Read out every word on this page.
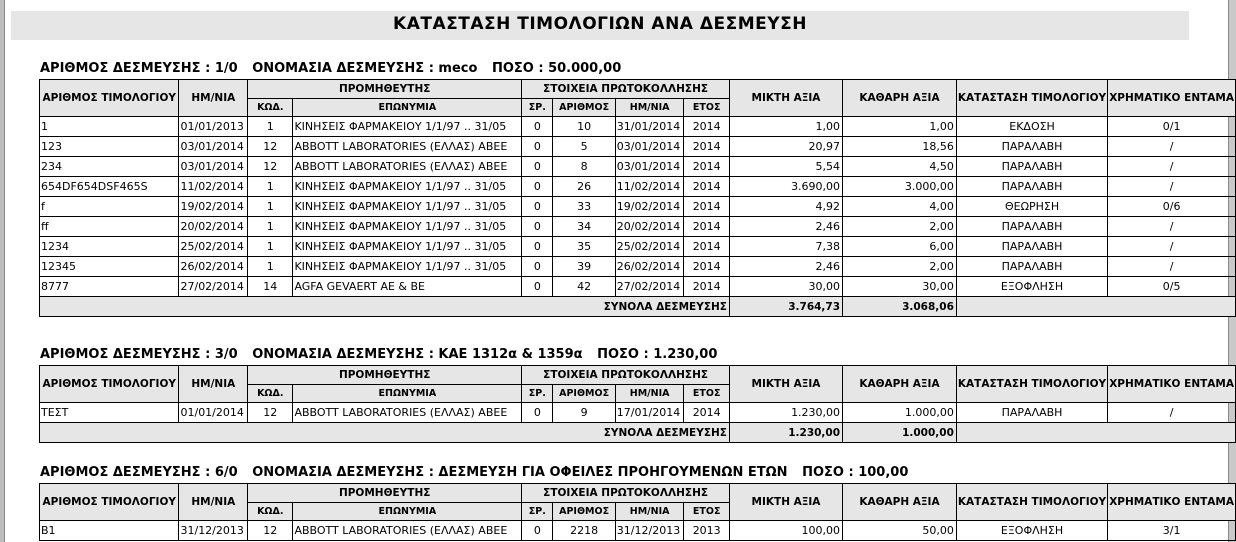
ΚΑΤΑΣΤΑΣΗ ΤΙΜΟΛΟΓΙΩΝ ΑΝΑ ΔΕΣΜΕΥΣΗ
ΑΡΙΘΜΟΣ ΔΕΣΜΕΥΣΗΣ : 1/0 ΟΝΟΜΑΣΙΑ ΔΕΣΜΕΥΣΗΣ : meco ΠΟΣΟ : 50.000,00
ΑΡΙΘΜΟΣ ΤΙΜΟΛΟΓΙΟΥ	ΗΜ/ΝΙΑ	ΠΡΟΜΗΘΕΥΤΗΣ		ΣΤΟΙΧΕΙΑ ΠΡΩΤΟΚΟΛΛΗΣΗΣ				ΜΙΚΤΗ ΑΞΙΑ	ΚΑΘΑΡΗ ΑΞΙΑ	ΚΑΤΑΣΤΑΣΗ ΤΙΜΟΛΟΓΙΟΥ	ΧΡΗΜΑΤΙΚΟ ΕΝΤΑΜΑ
		ΚΩΔ.	ΕΠΩΝΥΜΙΑ	ΣΡ.	ΑΡΙΘΜΟΣ	ΗΜ/ΝΙΑ	ΕΤΟΣ				
1	01/01/2013	1	ΚΙΝΗΣΕΙΣ ΦΑΡΜΑΚΕΙΟΥ 1/1/97 .. 31/05	0	10	31/01/2014	2014	1,00	1,00	ΕΚΔΟΣΗ	0/1
123	03/01/2014	12	ABBOTT LABORATORIES (ΕΛΛΑΣ) ΑΒΕΕ	0	5	03/01/2014	2014	20,97	18,56	ΠΑΡΑΛΑΒΗ	/
234	03/01/2014	12	ABBOTT LABORATORIES (ΕΛΛΑΣ) ΑΒΕΕ	0	8	03/01/2014	2014	5,54	4,50	ΠΑΡΑΛΑΒΗ	/
654DF654DSF465S	11/02/2014	1	ΚΙΝΗΣΕΙΣ ΦΑΡΜΑΚΕΙΟΥ 1/1/97 .. 31/05	0	26	11/02/2014	2014	3.690,00	3.000,00	ΠΑΡΑΛΑΒΗ	/
f	19/02/2014	1	ΚΙΝΗΣΕΙΣ ΦΑΡΜΑΚΕΙΟΥ 1/1/97 .. 31/05	0	33	19/02/2014	2014	4,92	4,00	ΘΕΩΡΗΣΗ	0/6
ff	20/02/2014	1	ΚΙΝΗΣΕΙΣ ΦΑΡΜΑΚΕΙΟΥ 1/1/97 .. 31/05	0	34	20/02/2014	2014	2,46	2,00	ΠΑΡΑΛΑΒΗ	/
1234	25/02/2014	1	ΚΙΝΗΣΕΙΣ ΦΑΡΜΑΚΕΙΟΥ 1/1/97 .. 31/05	0	35	25/02/2014	2014	7,38	6,00	ΠΑΡΑΛΑΒΗ	/
12345	26/02/2014	1	ΚΙΝΗΣΕΙΣ ΦΑΡΜΑΚΕΙΟΥ 1/1/97 .. 31/05	0	39	26/02/2014	2014	2,46	2,00	ΠΑΡΑΛΑΒΗ	/
8777	27/02/2014	14	AGFA GEVAERT AE & BE	0	42	27/02/2014	2014	30,00	30,00	ΕΞΟΦΛΗΣΗ	0/5
ΣΥΝΟΛΑ ΔΕΣΜΕΥΣΗΣ								3.764,73	3.068,06		
ΑΡΙΘΜΟΣ ΔΕΣΜΕΥΣΗΣ : 3/0 ΟΝΟΜΑΣΙΑ ΔΕΣΜΕΥΣΗΣ : ΚΑΕ 1312α & 1359α ΠΟΣΟ : 1.230,00
ΑΡΙΘΜΟΣ ΤΙΜΟΛΟΓΙΟΥ	ΗΜ/ΝΙΑ	ΠΡΟΜΗΘΕΥΤΗΣ		ΣΤΟΙΧΕΙΑ ΠΡΩΤΟΚΟΛΛΗΣΗΣ				ΜΙΚΤΗ ΑΞΙΑ	ΚΑΘΑΡΗ ΑΞΙΑ	ΚΑΤΑΣΤΑΣΗ ΤΙΜΟΛΟΓΙΟΥ	ΧΡΗΜΑΤΙΚΟ ΕΝΤΑΜΑ
		ΚΩΔ.	ΕΠΩΝΥΜΙΑ	ΣΡ.	ΑΡΙΘΜΟΣ	ΗΜ/ΝΙΑ	ΕΤΟΣ				
ΤΕΣΤ	01/01/2014	12	ABBOTT LABORATORIES (ΕΛΛΑΣ) ΑΒΕΕ	0	9	17/01/2014	2014	1.230,00	1.000,00	ΠΑΡΑΛΑΒΗ	/
ΣΥΝΟΛΑ ΔΕΣΜΕΥΣΗΣ								1.230,00	1.000,00		
ΑΡΙΘΜΟΣ ΔΕΣΜΕΥΣΗΣ : 6/0 ΟΝΟΜΑΣΙΑ ΔΕΣΜΕΥΣΗΣ : ΔΕΣΜΕΥΣΗ ΓΙΑ ΟΦΕΙΛΕΣ ΠΡΟΗΓΟΥΜΕΝΩΝ ΕΤΩΝ ΠΟΣΟ : 100,00
ΑΡΙΘΜΟΣ ΤΙΜΟΛΟΓΙΟΥ	ΗΜ/ΝΙΑ	ΠΡΟΜΗΘΕΥΤΗΣ		ΣΤΟΙΧΕΙΑ ΠΡΩΤΟΚΟΛΛΗΣΗΣ				ΜΙΚΤΗ ΑΞΙΑ	ΚΑΘΑΡΗ ΑΞΙΑ	ΚΑΤΑΣΤΑΣΗ ΤΙΜΟΛΟΓΙΟΥ	ΧΡΗΜΑΤΙΚΟ ΕΝΤΑΜΑ
		ΚΩΔ.	ΕΠΩΝΥΜΙΑ	ΣΡ.	ΑΡΙΘΜΟΣ	ΗΜ/ΝΙΑ	ΕΤΟΣ				
Β1	31/12/2013	12	ABBOTT LABORATORIES (ΕΛΛΑΣ) ΑΒΕΕ	0	2218	31/12/2013	2013	100,00	50,00	ΕΞΟΦΛΗΣΗ	3/1
